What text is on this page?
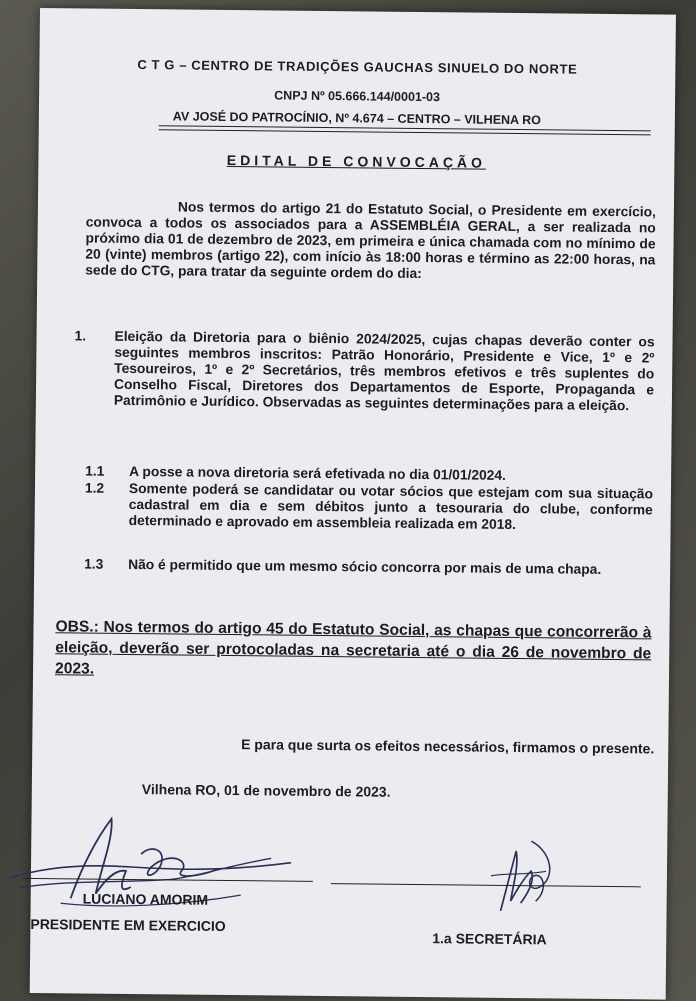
C T G – CENTRO DE TRADIÇÕES GAUCHAS SINUELO DO NORTE
CNPJ Nº 05.666.144/0001-03
AV JOSÉ DO PATROCÍNIO, Nº 4.674 – CENTRO – VILHENA RO
EDITAL DE CONVOCAÇÃO
Nos termos do artigo 21 do Estatuto Social, o Presidente em exercício, convoca a todos os associados para a ASSEMBLÉIA GERAL, a ser realizada no próximo dia 01 de dezembro de 2023, em primeira e única chamada com no mínimo de 20 (vinte) membros (artigo 22), com início às 18:00 horas e término as 22:00 horas, na sede do CTG, para tratar da seguinte ordem do dia:
1. Eleição da Diretoria para o biênio 2024/2025, cujas chapas deverão conter os seguintes membros inscritos: Patrão Honorário, Presidente e Vice, 1º e 2º Tesoureiros, 1º e 2º Secretários, três membros efetivos e três suplentes do Conselho Fiscal, Diretores dos Departamentos de Esporte, Propaganda e Patrimônio e Jurídico. Observadas as seguintes determinações para a eleição.
1.1 A posse a nova diretoria será efetivada no dia 01/01/2024.
1.2 Somente poderá se candidatar ou votar sócios que estejam com sua situação cadastral em dia e sem débitos junto a tesouraria do clube, conforme determinado e aprovado em assembleia realizada em 2018.
1.3 Não é permitido que um mesmo sócio concorra por mais de uma chapa.
OBS.: Nos termos do artigo 45 do Estatuto Social, as chapas que concorrerão à eleição, deverão ser protocoladas na secretaria até o dia 26 de novembro de 2023.
E para que surta os efeitos necessários, firmamos o presente.
Vilhena RO, 01 de novembro de 2023.
LUCIANO AMORIM
PRESIDENTE EM EXERCICIO
1.a SECRETÁRIA
